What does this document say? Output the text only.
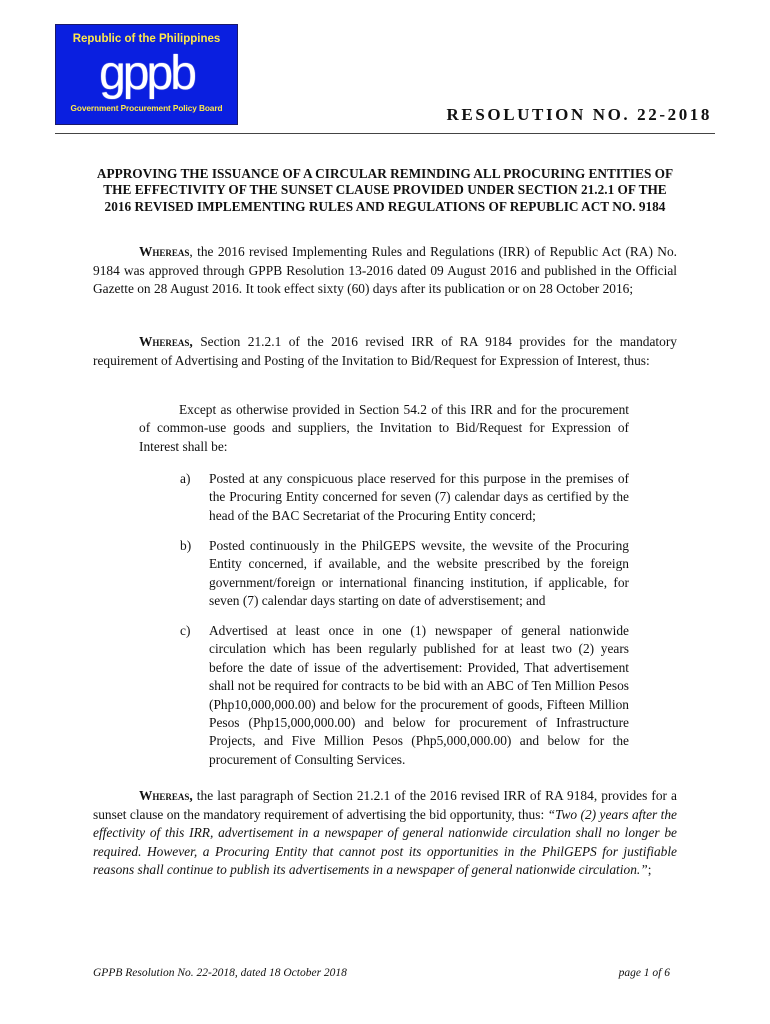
Republic of the Philippines
gppb
Government Procurement Policy Board	RESOLUTION NO. 22-2018
APPROVING THE ISSUANCE OF A CIRCULAR REMINDING ALL PROCURING ENTITIES OF THE EFFECTIVITY OF THE SUNSET CLAUSE PROVIDED UNDER SECTION 21.2.1 OF THE 2016 REVISED IMPLEMENTING RULES AND REGULATIONS OF REPUBLIC ACT NO. 9184
Whereas, the 2016 revised Implementing Rules and Regulations (IRR) of Republic Act (RA) No. 9184 was approved through GPPB Resolution 13-2016 dated 09 August 2016 and published in the Official Gazette on 28 August 2016. It took effect sixty (60) days after its publication or on 28 October 2016;
Whereas, Section 21.2.1 of the 2016 revised IRR of RA 9184 provides for the mandatory requirement of Advertising and Posting of the Invitation to Bid/Request for Expression of Interest, thus:
Except as otherwise provided in Section 54.2 of this IRR and for the procurement of common-use goods and suppliers, the Invitation to Bid/Request for Expression of Interest shall be:
a) Posted at any conspicuous place reserved for this purpose in the premises of the Procuring Entity concerned for seven (7) calendar days as certified by the head of the BAC Secretariat of the Procuring Entity concerd;
b) Posted continuously in the PhilGEPS wevsite, the wevsite of the Procuring Entity concerned, if available, and the website prescribed by the foreign government/foreign or international financing institution, if applicable, for seven (7) calendar days starting on date of adverstisement; and
c) Advertised at least once in one (1) newspaper of general nationwide circulation which has been regularly published for at least two (2) years before the date of issue of the advertisement: Provided, That advertisement shall not be required for contracts to be bid with an ABC of Ten Million Pesos (Php10,000,000.00) and below for the procurement of goods, Fifteen Million Pesos (Php15,000,000.00) and below for procurement of Infrastructure Projects, and Five Million Pesos (Php5,000,000.00) and below for the procurement of Consulting Services.
Whereas, the last paragraph of Section 21.2.1 of the 2016 revised IRR of RA 9184, provides for a sunset clause on the mandatory requirement of advertising the bid opportunity, thus: “Two (2) years after the effectivity of this IRR, advertisement in a newspaper of general nationwide circulation shall no longer be required. However, a Procuring Entity that cannot post its opportunities in the PhilGEPS for justifiable reasons shall continue to publish its advertisements in a newspaper of general nationwide circulation.”;
GPPB Resolution No. 22-2018, dated 18 October 2018	page 1 of 6
